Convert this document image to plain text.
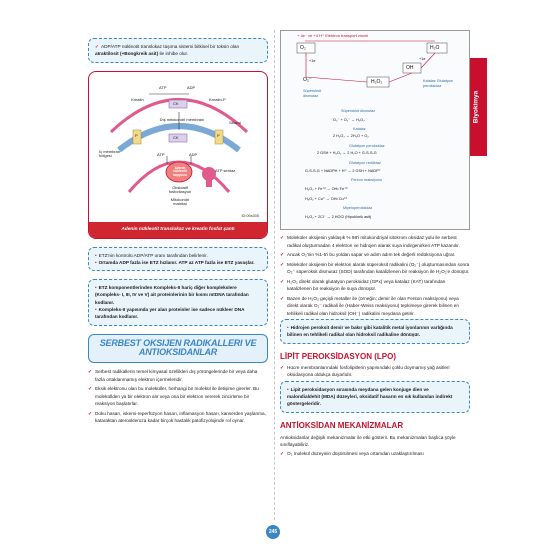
Biyokimya
✓ ADP/ATP nükleotit translokaz taşıma sistemi bitkisel bir toksin olan atraktilosit (+Bongkreik asit) ile inhibe olur.
ATP	ADP
Kreatin	Kreatin-P
CK
CK
Dış mitokondri membranı
P	P
Sitozol
İç membran bölgesi	ATP	ADP
Adenin nükleotit taşıyıcısı
ATP sentaz
Oksidatif fosforilasyon
Mitokondri matriksi
ID:09a305
Adenin nükleotit translokaz ve kreatin fosfat şantı
• ETZ'nin kontrolü ADP/ATP oranı tarafından belirlenir.
• Ortamda ADP fazla ise ETZ hızlanır. ATP az ATP fazla ise ETZ yavaşlar.
• ETZ komponentlerinden Kompleks-II hariç diğer komplekslere (Kompleks- I, III, IV ve V) ait proteinlerinin bir kısmı mtDNA tarafından kodlanır.
• Kompleks-II yapısında yer alan proteinler ise sadece nükleer DNA tarafından kodlanır.
SERBEST OKSIJEN RADIKALLERI VE ANTIOKSIDANLAR
✓ Serbest radikallerin temel kimyasal özellikleri dış yörüngelerinde bir veya daha fazla ortaklanmamış elektron içermeleridir.
✓ Eksik elektronu olan bu moleküller, herhangi bir molekül ile iletişime girerler. Bu moleküllden ya bir elektron alır veya ona bir elektron vererek zincirleme bir reaksiyon başlatırlar.
✓ Doku hasarı, iskemi-reperfüzyon hasarı, inflamasyon hasarı, kanserden yaşlanma, kataraktan aterosklerоza kadar birçok hastalık patofizyolojinde rol oynar.
+ 4e⁻ ve +4 H⁺ Elektron transport zinciri
O₂	H₂O
+1e	+1e
OH
O₂⁻	H₂O₂
Süperoksit dismutaz
Katalaz Glutatyon peroksidaz
Süperoksit dismutaz
O₂⁻ + O₂⁻ → H₂O₂
Katalaz
2 H₂O₂ → 2H₂O + O₂
Glutatyon peroksidaz
2 GSH + H₂O₂ → 2 H₂O + G-S-S-G
Glutatyon redüktaz
G-S-S-G + NADPH + H⁺ → 2 GSH + NADP⁺
Fenton reaksiyonu
H₂O₂ + Fe⁺² → OH• Fe⁺³
H₂O₂ + Cu⁺ → OH• Cu⁺²
Miyeloperoksidaz
H₂O₂ + 2Cl⁻ → 2 HOCl (Hipoklorik asit)
✓ Moleküler oksijenin yaklaşık % 98'i mitokondriyal sitokrom oksidaz yolu ile serbest radikal oluşturmadan 4 elektron ve hidrojen alarak suya indirgenirken ATP kazanılır.
✓ Ancak O₂'nin %1-5'i bu yoldan sapar ve adım adım tek değerli redüksiyona uğrar.
✓ Moleküler oksijenin bir elektron alarak süperoksit radikalini (O₂⁻) oluşturmasından sonra O₂⁻ süperoksit dismutaz (SOD) tarafından katalizlenen bir reaksiyon ile H₂O₂'e dönüşür.
✓ H₂O₂ direkt olarak glutatyon peroksidaz (GPx) veya katalaz (KAT) tarafından katalizlenen bir reaksiyon ile suya dönüşür.
✓ Bazen de H₂O₂ geçişli metaller ile (örneğin; demir ile olan Fenton reaksiyonu) veya direkt olarak O₂⁻ radikali ile (Haber-Weiss reaksiyonu) tepkimeye girerek bilinen en tehlikeli radikal olan hidroksil (OH⁻) radikalini meydana getirir.
• Hidrojen peroksit demir ve bakır gibi katalitik metal iyonlarının varlığında bilinen en tehlikeli radikal olan hidroksil radikaline dönüşür.
LİPİT PEROKSİDASYON (LPO)
✓ Hücre membranlarındaki fosfolipitlerin yapısındaki çoklu doymamış yağ asitleri oksidasyona oldukça duyarlıdır.
• Lipit peroksidasyon sırasında meydana gelen konjuge dien ve malondialdehit (MDA) düzeyleri, oksidatif hasarın en sık kullanılan indirekt göstergeleridir.
ANTİOKSİDAN MEKANİZMALAR

Antioksidanlar değişik mekanizmalar ile etki gösterir. Bu mekanizmaları başlıca şöyle sınıflayabiliriz.

✓ O₂ molekül düzeyinin düşürülmesi veya ortamdan uzaklaştırılması
245
